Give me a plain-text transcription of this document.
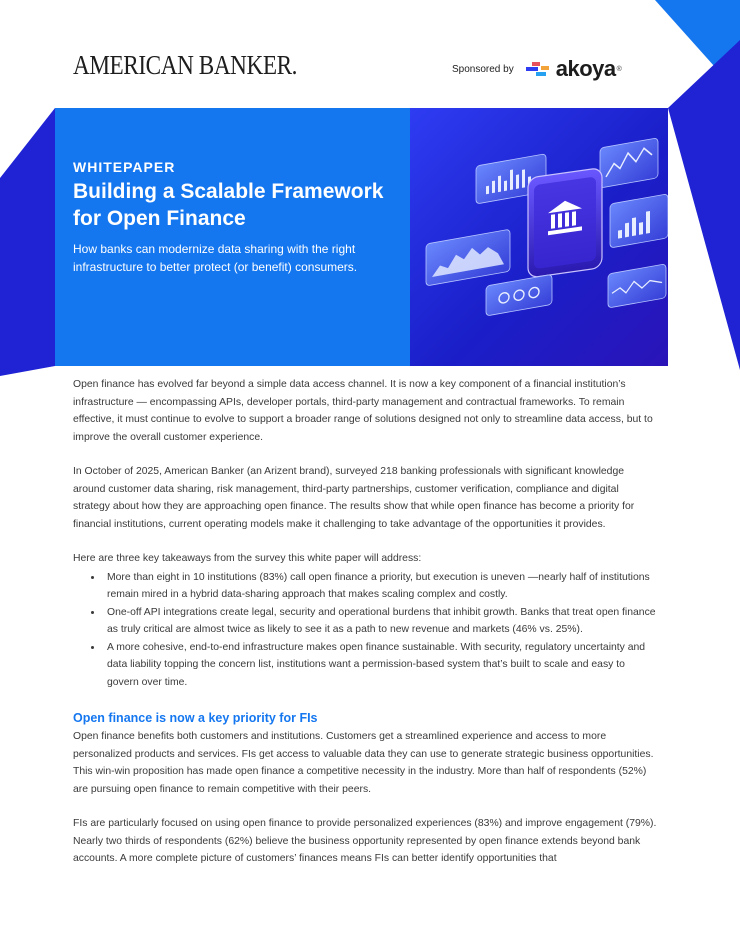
AMERICAN BANKER.	Sponsored by akoya ®
WHITEPAPER
Building a Scalable Framework for Open Finance

How banks can modernize data sharing with the right infrastructure to better protect (or benefit) consumers.

Open finance has evolved far beyond a simple data access channel. It is now a key component of a financial institution’s infrastructure — encompassing APIs, developer portals, third-party management and contractual frameworks. To remain effective, it must continue to evolve to support a broader range of solutions designed not only to streamline data access, but to improve the overall customer experience.

In October of 2025, American Banker (an Arizent brand), surveyed 218 banking professionals with significant knowledge around customer data sharing, risk management, third-party partnerships, customer verification, compliance and digital strategy about how they are approaching open finance. The results show that while open finance has become a priority for financial institutions, current operating models make it challenging to take advantage of the opportunities it provides.

Here are three key takeaways from the survey this white paper will address:

• More than eight in 10 institutions (83%) call open finance a priority, but execution is uneven —nearly half of institutions remain mired in a hybrid data-sharing approach that makes scaling complex and costly.
• One-off API integrations create legal, security and operational burdens that inhibit growth. Banks that treat open finance as truly critical are almost twice as likely to see it as a path to new revenue and markets (46% vs. 25%).
• A more cohesive, end-to-end infrastructure makes open finance sustainable. With security, regulatory uncertainty and data liability topping the concern list, institutions want a permission-based system that’s built to scale and easy to govern over time.
Open finance is now a key priority for FIs

Open finance benefits both customers and institutions. Customers get a streamlined experience and access to more personalized products and services. FIs get access to valuable data they can use to generate strategic business opportunities. This win-win proposition has made open finance a competitive necessity in the industry. More than half of respondents (52%) are pursuing open finance to remain competitive with their peers.

FIs are particularly focused on using open finance to provide personalized experiences (83%) and improve engagement (79%). Nearly two thirds of respondents (62%) believe the business opportunity represented by open finance extends beyond bank accounts. A more complete picture of customers’ finances means FIs can better identify opportunities that
